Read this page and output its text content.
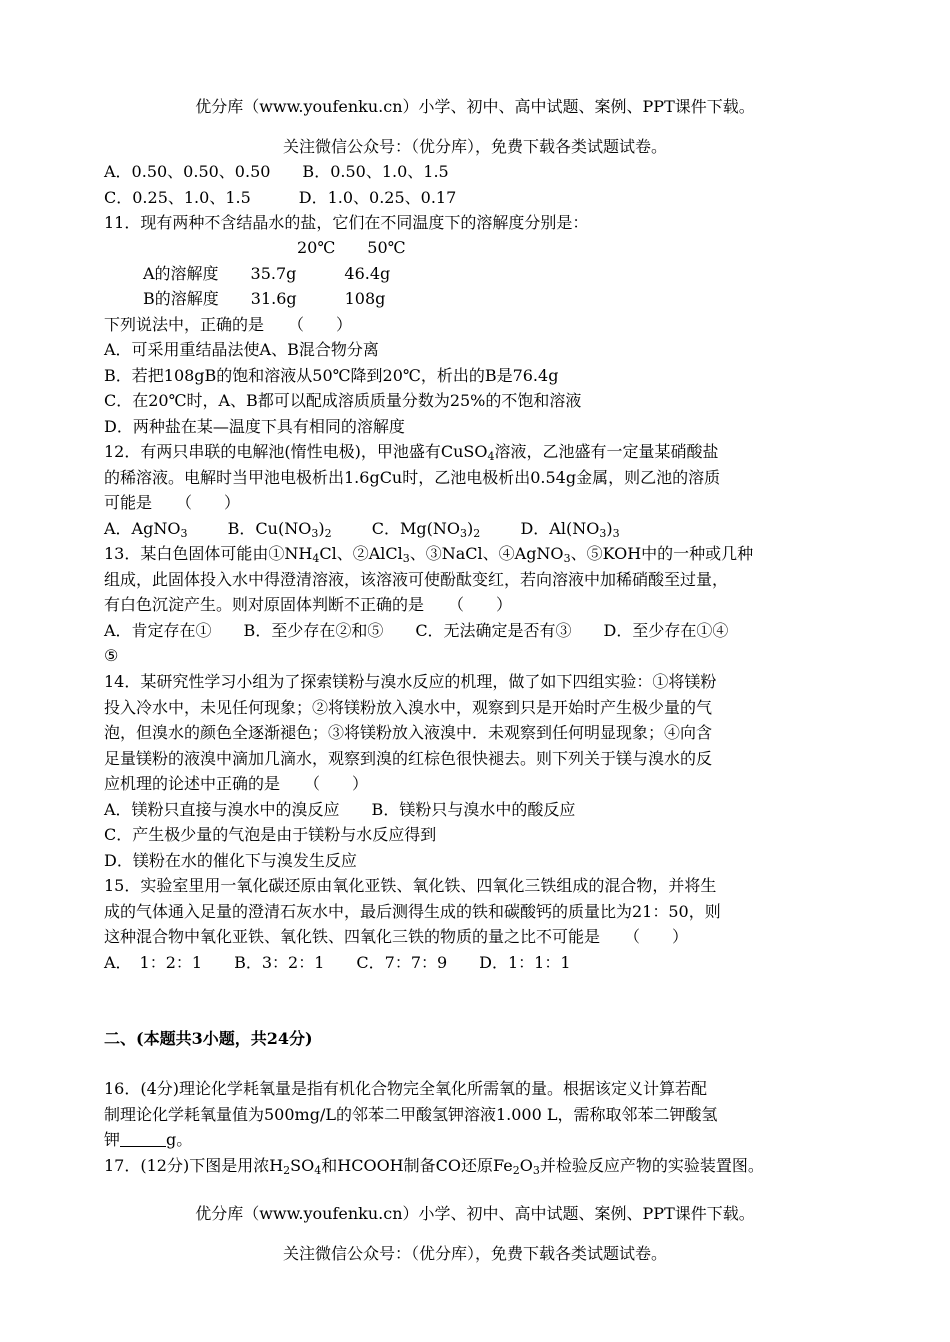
优分库（www.youfenku.cn）小学、初中、高中试题、案例、PPT课件下载。
关注微信公众号：（优分库），免费下载各类试题试卷。
A．0.50、0.50、0.50　　B．0.50、1.0、1.5
C．0.25、1.0、1.5　　　D．1.0、0.25、0.17
11．现有两种不含结晶水的盐，它们在不同温度下的溶解度分别是：
20℃　　50℃
A的溶解度　　35.7g　　　46.4g
B的溶解度　　31.6g　　　108g
下列说法中，正确的是　　（　　）
A．可采用重结晶法使A、B混合物分离
B．若把108gB的饱和溶液从50℃降到20℃，析出的B是76.4g
C．在20℃时，A、B都可以配成溶质质量分数为25%的不饱和溶液
D．两种盐在某—温度下具有相同的溶解度
12．有两只串联的电解池(惰性电极)，甲池盛有CuSO$_4$溶液，乙池盛有一定量某硝酸盐
的稀溶液。电解时当甲池电极析出1.6gCu时，乙池电极析出0.54g金属，则乙池的溶质
可能是　　（　　）
A．AgNO$_3$	B．$Cu(NO_3)_2$	C．$Mg(NO_3)_2$	D．$Al(NO_3)_3$
13．某白色固体可能由$①NH_4Cl$、②AlCl$_3$、③NaCl、④AgNO$_3$、⑤KOH中的一种或几种
组成，此固体投入水中得澄清溶液，该溶液可使酚酞变红，若向溶液中加稀硝酸至过量，
有白色沉淀产生。则对原固体判断不正确的是　　（　　）
A．肯定存在①　　B．至少存在②和⑤　　C．无法确定是否有③　　D．至少存在①④
⑤
14．某研究性学习小组为了探索镁粉与溴水反应的机理，做了如下四组实验：①将镁粉
投入冷水中，未见任何现象；②将镁粉放入溴水中，观察到只是开始时产生极少量的气
泡，但溴水的颜色全逐渐褪色；③将镁粉放入液溴中．未观察到任何明显现象；④向含
足量镁粉的液溴中滴加几滴水，观察到溴的红棕色很快褪去。则下列关于镁与溴水的反
应机理的论述中正确的是　　（　　）
A．镁粉只直接与溴水中的溴反应　　B．镁粉只与溴水中的酸反应
C．产生极少量的气泡是由于镁粉与水反应得到
D．镁粉在水的催化下与溴发生反应
15．实验室里用一氧化碳还原由氧化亚铁、氧化铁、四氧化三铁组成的混合物，并将生
成的气体通入足量的澄清石灰水中，最后测得生成的铁和碳酸钙的质量比为21：50，则
这种混合物中氧化亚铁、氧化铁、四氧化三铁的物质的量之比不可能是　　（　　）
A．　1：2：1　　B．3：2：1　　C．7：7：9　　D．1：1：1
二、(本题共3小题，共24分)
16．(4分)理论化学耗氧量是指有机化合物完全氧化所需氧的量。根据该定义计算若配
制理论化学耗氧量值为500mg/L的邻苯二甲酸氢钾溶液1.000 L，需称取邻苯二钾酸氢
钾	g。
17．(12分)下图是用浓$H_2SO_4$和HCOOH制备CO还原$Fe_2O_3$并检验反应产物的实验装置图。
优分库（www.youfenku.cn）小学、初中、高中试题、案例、PPT课件下载。
关注微信公众号：（优分库），免费下载各类试题试卷。
